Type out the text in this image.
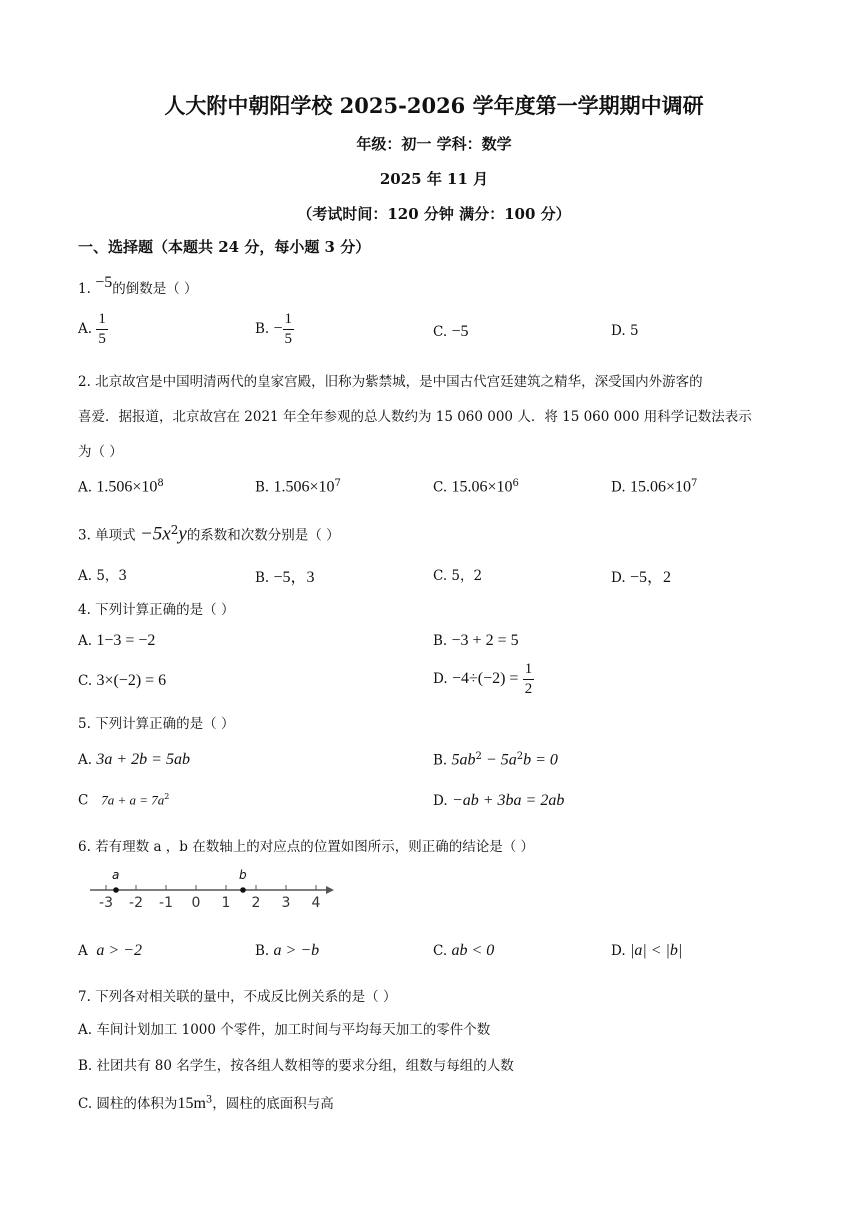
人大附中朝阳学校 2025-2026 学年度第一学期期中调研
年级：初一 学科：数学
2025 年 11 月
（考试时间：120 分钟 满分：100 分）
一、选择题（本题共 24 分，每小题 3 分）
1. −5的倒数是（ ）
A. $\frac{1}{5}$	B. − $\frac{1}{5}$	C. −5	D. 5
2. 北京故宫是中国明清两代的皇家宫殿，旧称为紫禁城，是中国古代宫廷建筑之精华，深受国内外游客的
喜爱．据报道，北京故宫在 2021 年全年参观的总人数约为 15 060 000 人．将 15 060 000 用科学记数法表示
为（ ）
A. $1.506\times 10^8$	B. $1.506\times 10^7$	C. $15.06\times 10^6$	D. $15.06\times 10^7$
3. 单项式 $-5x^2y$的系数和次数分别是（ ）
A. 5，3	B. −5，3	C. 5，2	D. −5，2
4. 下列计算正确的是（ ）
A. 1−3 = −2	B. −3 + 2 = 5
C. 3×(−2) = 6	D. $-4\div(-2) = \frac{1}{2}$
5. 下列计算正确的是（ ）
A. 3a + 2b = 5ab	B. $5ab^2 - 5a^2b = 0$
C $7a + a = 7a^2$	D. −ab + 3ba = 2ab
6. 若有理数 a ，b 在数轴上的对应点的位置如图所示，则正确的结论是（ ）
a	b
-3 -2 -1 0 1 2 3 4
A a > −2	B. a > −b	C. ab < 0	D. |a| < |b|
7. 下列各对相关联的量中，不成反比例关系的是（ ）
A. 车间计划加工 1000 个零件，加工时间与平均每天加工的零件个数
B. 社团共有 80 名学生，按各组人数相等的要求分组，组数与每组的人数
C. 圆柱的体积为$15m^3$，圆柱的底面积与高
